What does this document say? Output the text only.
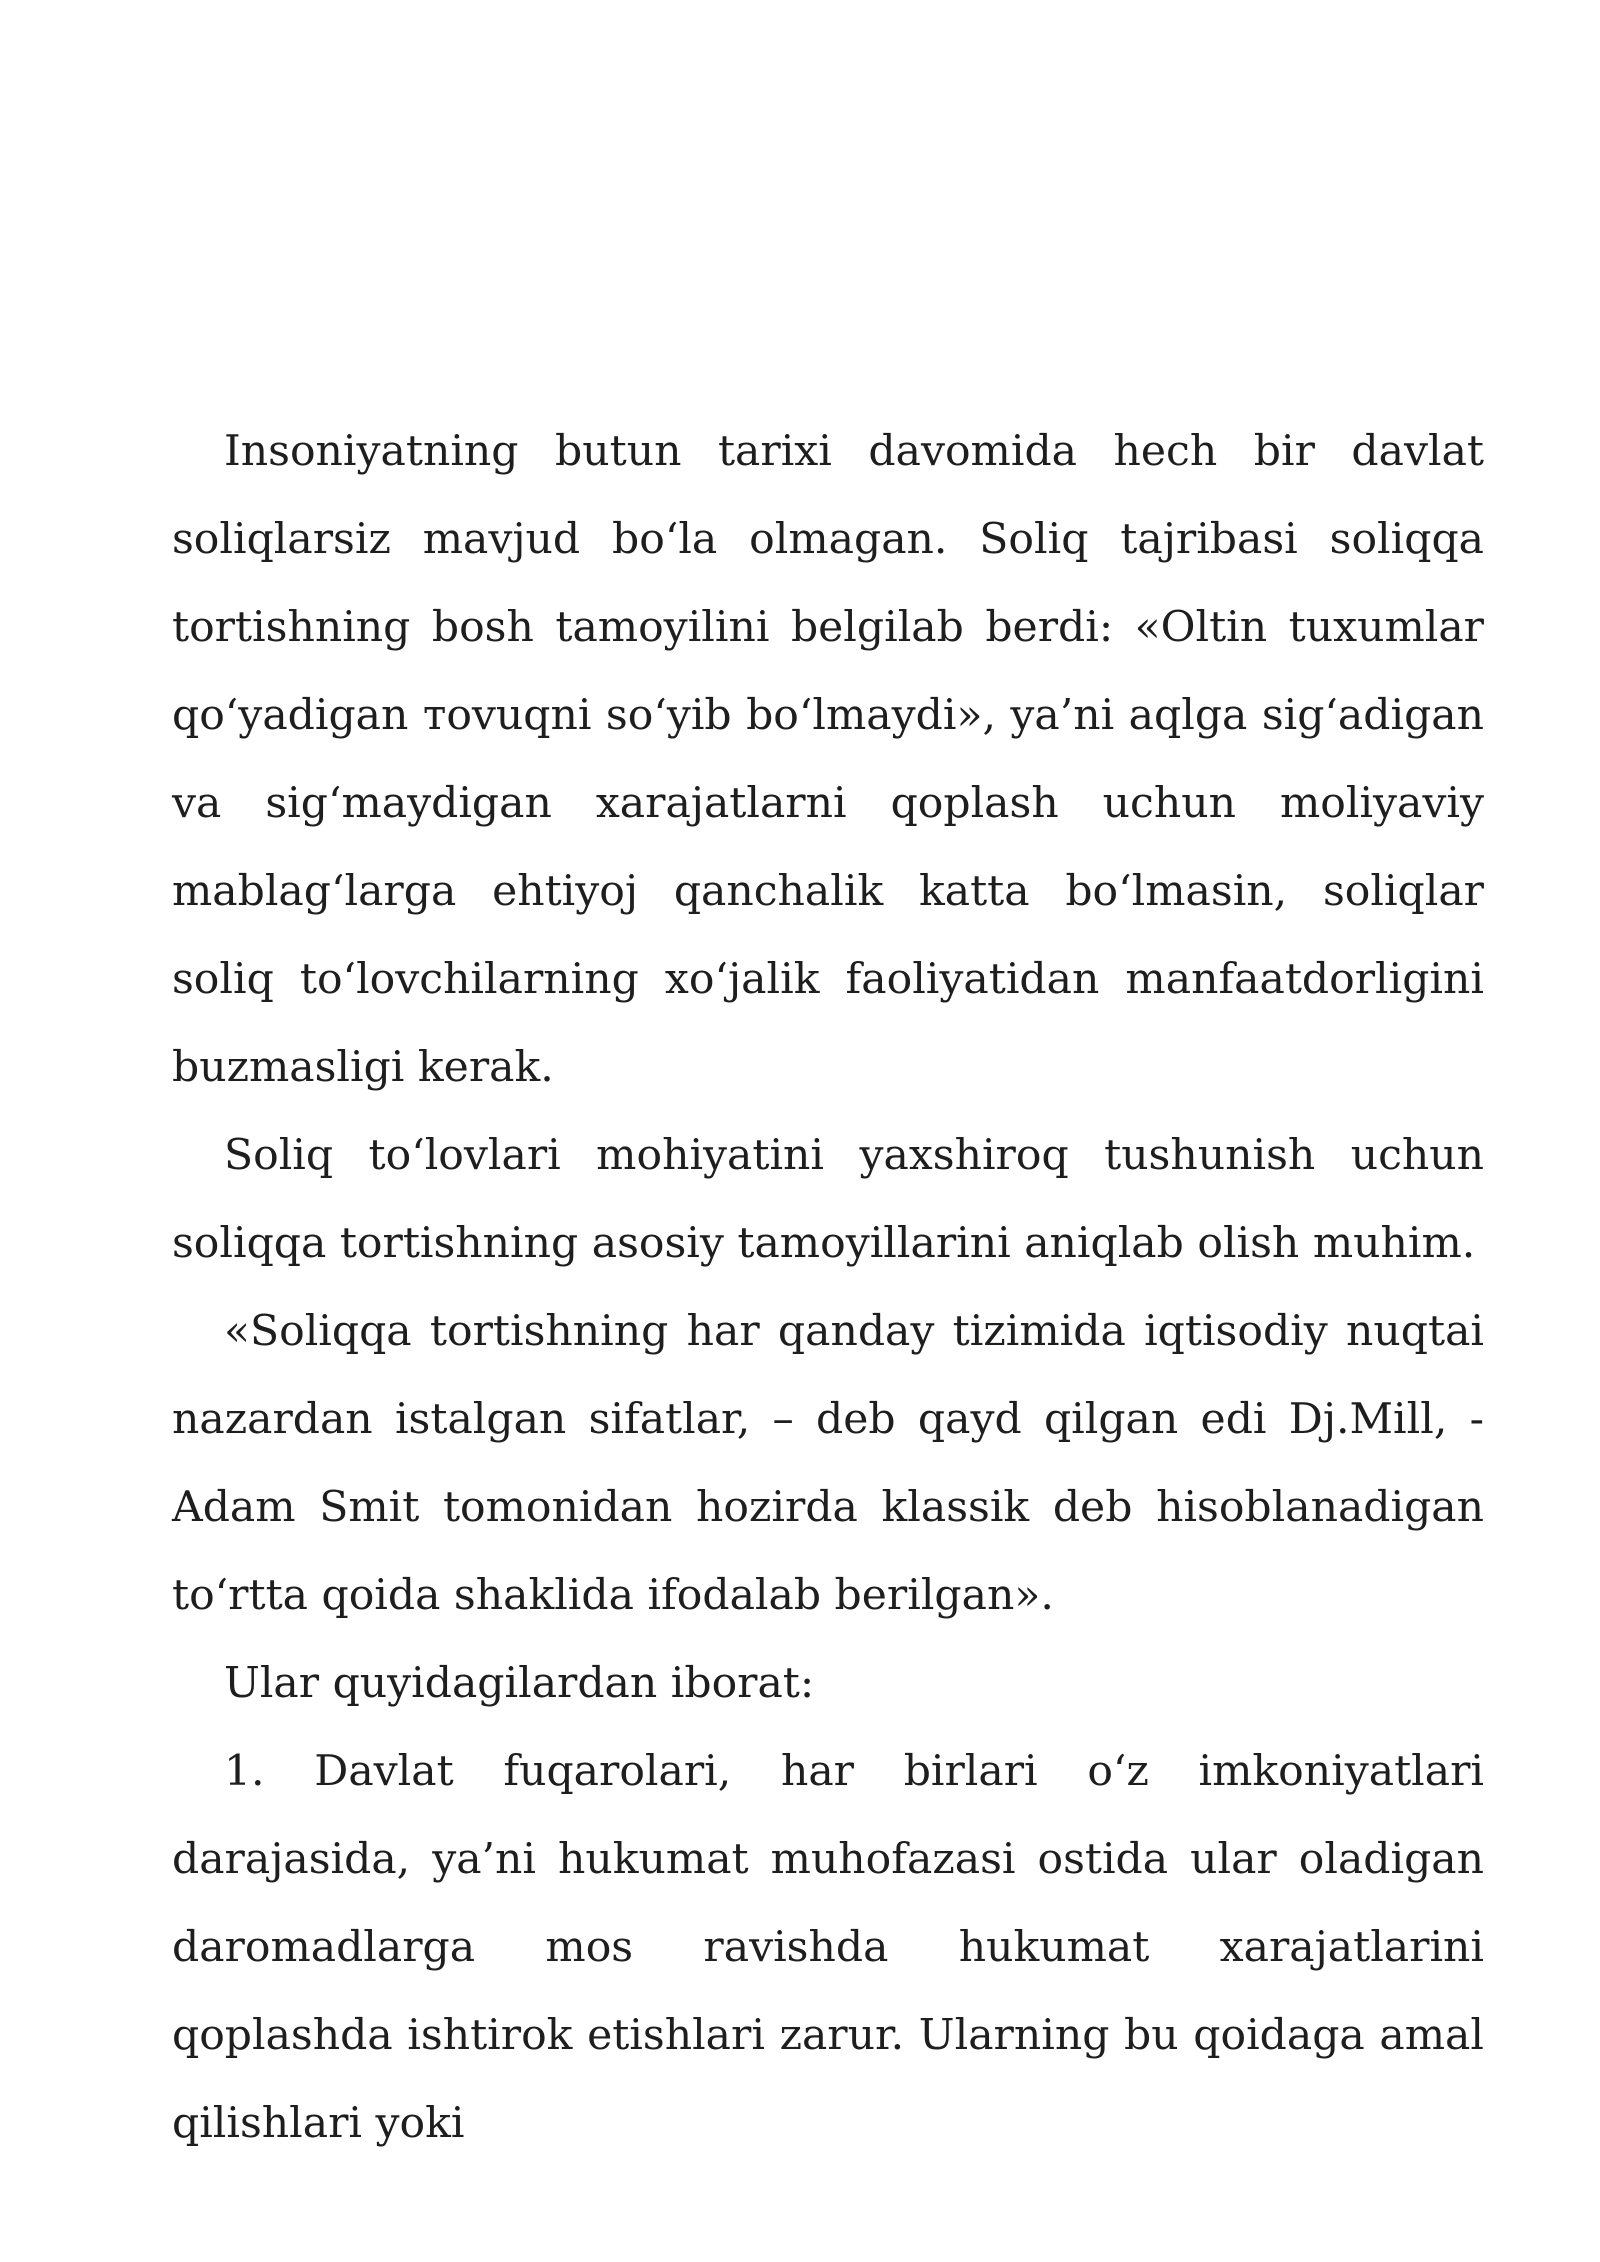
Insoniyatning butun tarixi davomida hech bir davlat soliqlarsiz mavjud bo‘la olmagan. Soliq tajribasi soliqqa tortishning bosh tamoyilini belgilab berdi: «Oltin tuxumlar qo‘yadigan тovuqni so‘yib bo‘lmaydi», ya’ni aqlga sig‘adigan va sig‘maydigan xarajatlarni qoplash uchun moliyaviy mablag‘larga ehtiyoj qanchalik katta bo‘lmasin, soliqlar soliq to‘lovchilarning xo‘jalik faoliyatidan manfaatdorligini buzmasligi kerak.

Soliq to‘lovlari mohiyatini yaxshiroq tushunish uchun soliqqa tortishning asosiy tamoyillarini aniqlab olish muhim.

«Soliqqa tortishning har qanday tizimida iqtisodiy nuqtai nazardan istalgan sifatlar, – deb qayd qilgan edi Dj.Mill, - Adam Smit tomonidan hozirda klassik deb hisoblanadigan to‘rtta qoida shaklida ifodalab berilgan».

Ular quyidagilardan iborat:

1. Davlat fuqarolari, har birlari o‘z imkoniyatlari darajasida, ya’ni hukumat muhofazasi ostida ular oladigan daromadlarga mos ravishda hukumat xarajatlarini qoplashda ishtirok etishlari zarur. Ularning bu qoidaga amal qilishlari yoki
